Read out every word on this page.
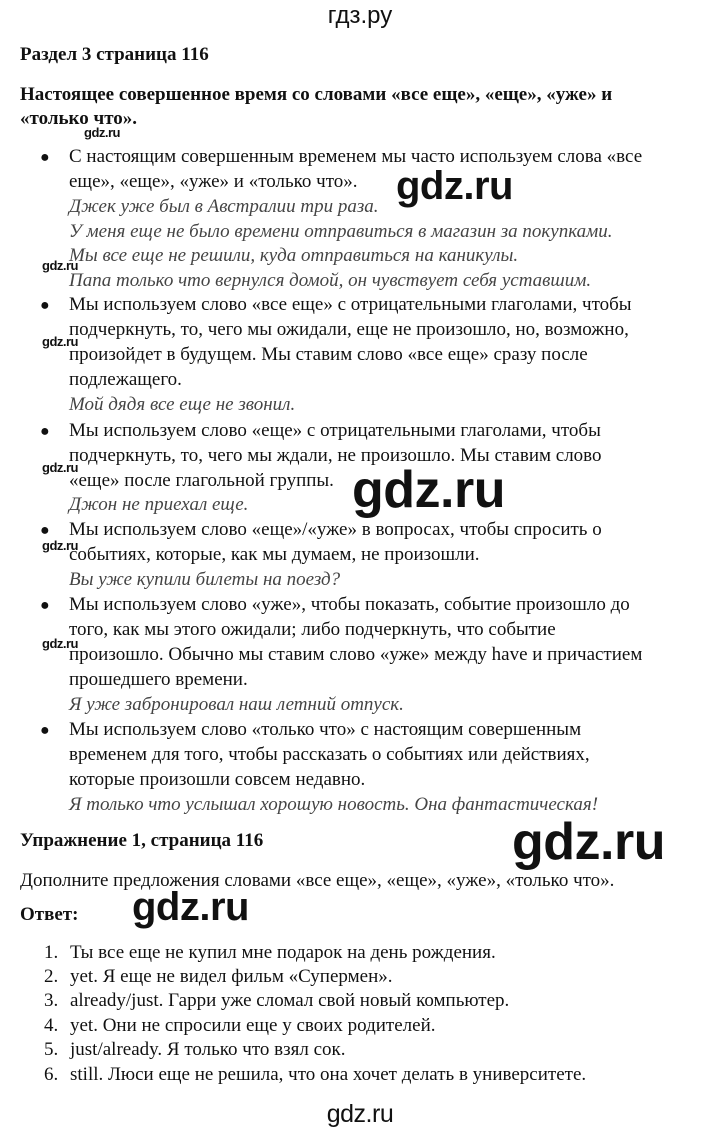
гдз.ру
Раздел 3 страница 116
Настоящее совершенное время со словами «все еще», «еще», «уже» и
«только что».
● С настоящим совершенным временем мы часто используем слова «все
еще», «еще», «уже» и «только что».
Джек уже был в Австралии три раза.
У меня еще не было времени отправиться в магазин за покупками.
Мы все еще не решили, куда отправиться на каникулы.
Папа только что вернулся домой, он чувствует себя уставшим.
● Мы используем слово «все еще» с отрицательными глаголами, чтобы
подчеркнуть, то, чего мы ожидали, еще не произошло, но, возможно,
произойдет в будущем. Мы ставим слово «все еще» сразу после
подлежащего.
Мой дядя все еще не звонил.
● Мы используем слово «еще» с отрицательными глаголами, чтобы
подчеркнуть, то, чего мы ждали, не произошло. Мы ставим слово
«еще» после глагольной группы.
Джон не приехал еще.
● Мы используем слово «еще»/«уже» в вопросах, чтобы спросить о
событиях, которые, как мы думаем, не произошли.
Вы уже купили билеты на поезд?
● Мы используем слово «уже», чтобы показать, событие произошло до
того, как мы этого ожидали; либо подчеркнуть, что событие
произошло. Обычно мы ставим слово «уже» между have и причастием
прошедшего времени.
Я уже забронировал наш летний отпуск.
● Мы используем слово «только что» с настоящим совершенным
временем для того, чтобы рассказать о событиях или действиях,
которые произошли совсем недавно.
Я только что услышал хорошую новость. Она фантастическая!
Упражнение 1, страница 116
Дополните предложения словами «все еще», «еще», «уже», «только что».
Ответ:
1. Ты все еще не купил мне подарок на день рождения.
2. yet. Я еще не видел фильм «Супермен».
3. already/just. Гарри уже сломал свой новый компьютер.
4. yet. Они не спросили еще у своих родителей.
5. just/already. Я только что взял сок.
6. still. Люси еще не решила, что она хочет делать в университете.
gdz.ru
gdz.ru
gdz.ru
gdz.ru
gdz.ru	gdz.ru
gdz.ru
gdz.ru
gdz.ru
gdz.ru
gdz.ru
